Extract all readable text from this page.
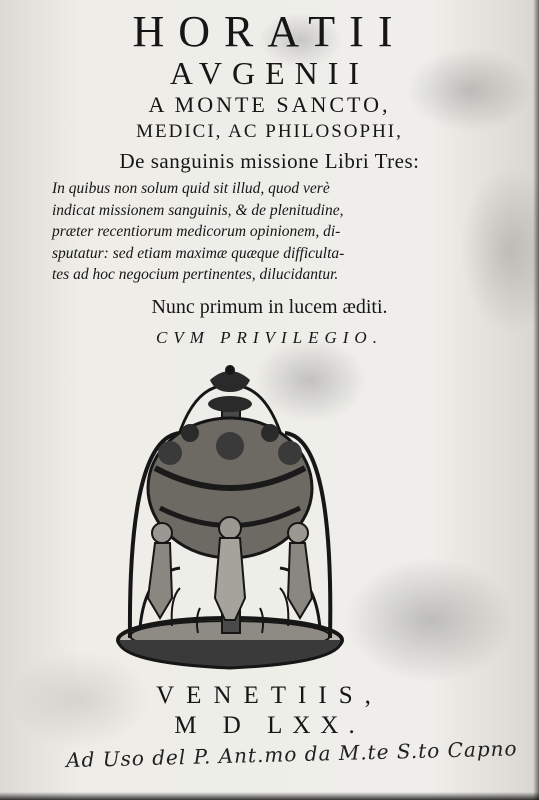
HORATII
AVGENII
A MONTE SANCTO,
MEDICI, AC PHILOSOPHI,
De sanguinis missione Libri Tres:
In quibus non solum quid sit illud, quod verè
indicat missionem sanguinis, & de plenitudine,
præter recentiorum medicorum opinionem, di-
sputatur: sed etiam maximæ quæque difficulta-
tes ad hoc negocium pertinentes, dilucidantur.
Nunc primum in lucem æditi.
CVM PRIVILEGIO.
VENETIIS,
M D LXX.
Ad Uso del P. Ant.mo da M.te S.to Capno
